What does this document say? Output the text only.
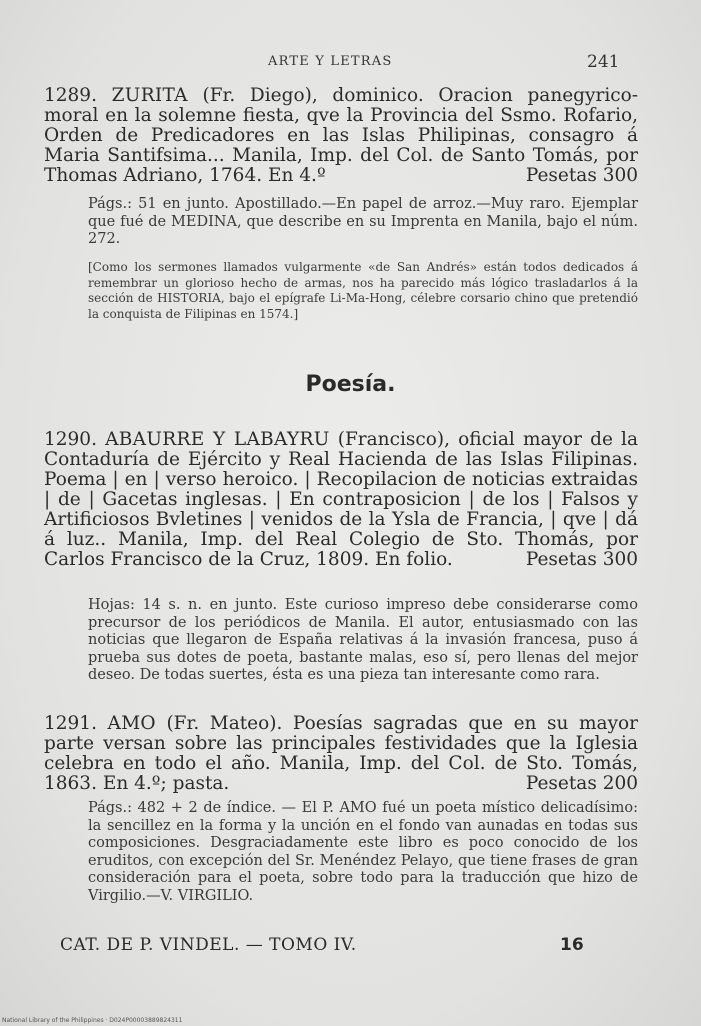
ARTE Y LETRAS	241
1289. ZURITA (Fr. Diego), dominico. Oracion panegyrico-moral en la solemne fiesta, qve la Provincia del Ssmo. Rofario, Orden de Predicadores en las Islas Philipinas, consagro á Maria Santifsima... Manila, Imp. del Col. de Santo Tomás, por Thomas Adriano, 1764. En 4.º	Pesetas 300
Págs.: 51 en junto. Apostillado.—En papel de arroz.—Muy raro. Ejemplar que fué de MEDINA, que describe en su Imprenta en Manila, bajo el núm. 272.
[Como los sermones llamados vulgarmente «de San Andrés» están todos dedicados á remembrar un glorioso hecho de armas, nos ha parecido más lógico trasladarlos á la sección de HISTORIA, bajo el epígrafe Li-Ma-Hong, célebre corsario chino que pretendió la conquista de Filipinas en 1574.]
Poesía.
1290. ABAURRE Y LABAYRU (Francisco), oficial mayor de la Contaduría de Ejército y Real Hacienda de las Islas Filipinas. Poema | en | verso heroico. | Recopilacion de noticias extraidas | de | Gacetas inglesas. | En contraposicion | de los | Falsos y Artificiosos Bvletines | venidos de la Ysla de Francia, | qve | dá á luz.. Manila, Imp. del Real Colegio de Sto. Thomás, por Carlos Francisco de la Cruz, 1809. En folio.	Pesetas 300
Hojas: 14 s. n. en junto. Este curioso impreso debe considerarse como precursor de los periódicos de Manila. El autor, entusiasmado con las noticias que llegaron de España relativas á la invasión francesa, puso á prueba sus dotes de poeta, bastante malas, eso sí, pero llenas del mejor deseo. De todas suertes, ésta es una pieza tan interesante como rara.
1291. AMO (Fr. Mateo). Poesías sagradas que en su mayor parte versan sobre las principales festividades que la Iglesia celebra en todo el año. Manila, Imp. del Col. de Sto. Tomás, 1863. En 4.º; pasta.	Pesetas 200
Págs.: 482 + 2 de índice. — El P. AMO fué un poeta místico delicadísimo: la sencillez en la forma y la unción en el fondo van aunadas en todas sus composiciones. Desgraciadamente este libro es poco conocido de los eruditos, con excepción del Sr. Menéndez Pelayo, que tiene frases de gran consideración para el poeta, sobre todo para la traducción que hizo de Virgilio.—V. VIRGILIO.
CAT. DE P. VINDEL. — TOMO IV.	16
National Library of the Philippines · D024P00003889824311
